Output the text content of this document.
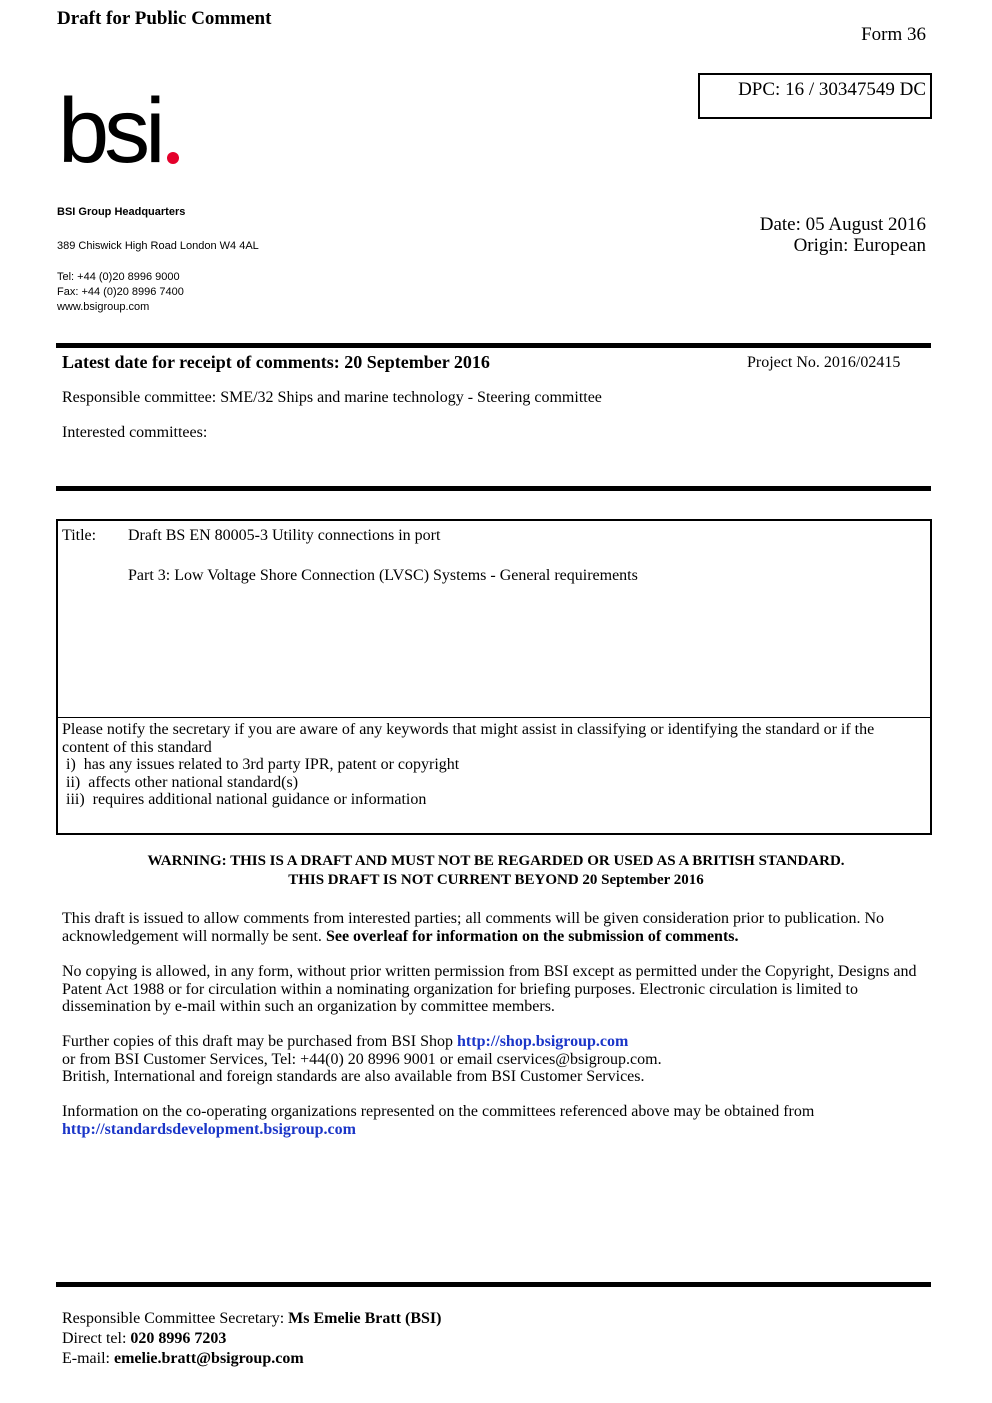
Draft for Public Comment
Form 36
DPC: 16 / 30347549 DC
bsi
BSI Group Headquarters
389 Chiswick High Road London W4 4AL
Tel: +44 (0)20 8996 9000
Fax: +44 (0)20 8996 7400
www.bsigroup.com
Date: 05 August 2016
Origin: European
Latest date for receipt of comments: 20 September 2016	Project No. 2016/02415
Responsible committee: SME/32 Ships and marine technology - Steering committee
Interested committees:
Title: Draft BS EN 80005-3 Utility connections in port
Part 3: Low Voltage Shore Connection (LVSC) Systems - General requirements
Please notify the secretary if you are aware of any keywords that might assist in classifying or identifying the standard or if the content of this standard
i)  has any issues related to 3rd party IPR, patent or copyright
ii)  affects other national standard(s)
iii)  requires additional national guidance or information
WARNING: THIS IS A DRAFT AND MUST NOT BE REGARDED OR USED AS A BRITISH STANDARD.
THIS DRAFT IS NOT CURRENT BEYOND 20 September 2016
This draft is issued to allow comments from interested parties; all comments will be given consideration prior to publication. No acknowledgement will normally be sent. See overleaf for information on the submission of comments.
No copying is allowed, in any form, without prior written permission from BSI except as permitted under the Copyright, Designs and Patent Act 1988 or for circulation within a nominating organization for briefing purposes. Electronic circulation is limited to dissemination by e-mail within such an organization by committee members.
Further copies of this draft may be purchased from BSI Shop http://shop.bsigroup.com
or from BSI Customer Services, Tel: +44(0) 20 8996 9001 or email cservices@bsigroup.com.
British, International and foreign standards are also available from BSI Customer Services.
Information on the co-operating organizations represented on the committees referenced above may be obtained from
http://standardsdevelopment.bsigroup.com
Responsible Committee Secretary: Ms Emelie Bratt (BSI)
Direct tel: 020 8996 7203
E-mail: emelie.bratt@bsigroup.com
